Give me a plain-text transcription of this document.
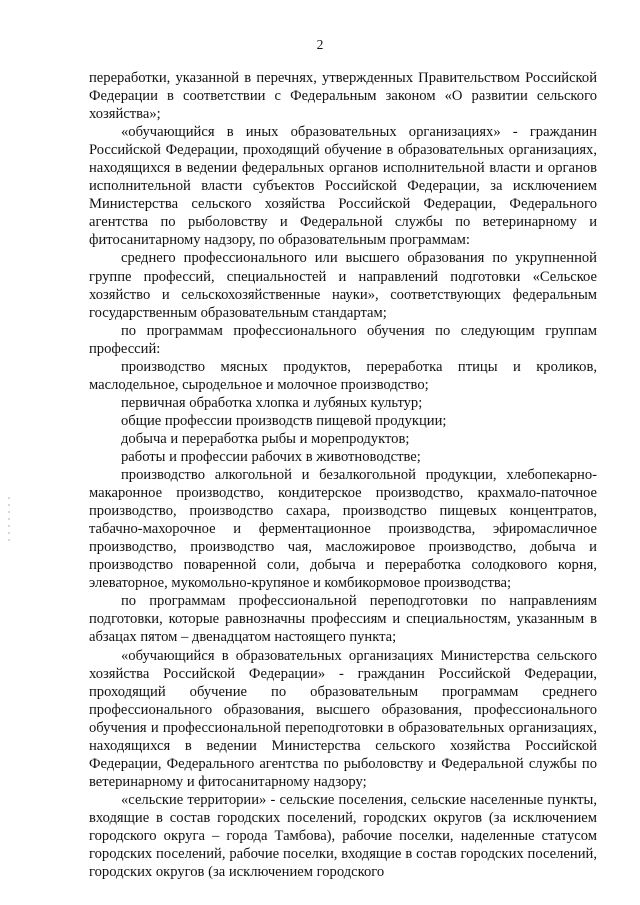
2

переработки, указанной в перечнях, утвержденных Правительством Российской Федерации в соответствии с Федеральным законом «О развитии сельского хозяйства»;

«обучающийся в иных образовательных организациях» - гражданин Российской Федерации, проходящий обучение в образовательных организациях, находящихся в ведении федеральных органов исполнительной власти и органов исполнительной власти субъектов Российской Федерации, за исключением Министерства сельского хозяйства Российской Федерации, Федерального агентства по рыболовству и Федеральной службы по ветеринарному и фитосанитарному надзору, по образовательным программам:

среднего профессионального или высшего образования по укрупненной группе профессий, специальностей и направлений подготовки «Сельское хозяйство и сельскохозяйственные науки», соответствующих федеральным государственным образовательным стандартам;

по программам профессионального обучения по следующим группам профессий:

производство мясных продуктов, переработка птицы и кроликов, маслодельное, сыродельное и молочное производство;

первичная обработка хлопка и лубяных культур;

общие профессии производств пищевой продукции;

добыча и переработка рыбы и морепродуктов;

работы и профессии рабочих в животноводстве;

производство алкогольной и безалкогольной продукции, хлебопекарно-макаронное производство, кондитерское производство, крахмало-паточное производство, производство сахара, производство пищевых концентратов, табачно-махорочное и ферментационное производства, эфиромасличное производство, производство чая, масложировое производство, добыча и производство поваренной соли, добыча и переработка солодкового корня, элеваторное, мукомольно-крупяное и комбикормовое производства;

по программам профессиональной переподготовки по направлениям подготовки, которые равнозначны профессиям и специальностям, указанным в абзацах пятом – двенадцатом настоящего пункта;

«обучающийся в образовательных организациях Министерства сельского хозяйства Российской Федерации» - гражданин Российской Федерации, проходящий обучение по образовательным программам среднего профессионального образования, высшего образования, профессионального обучения и профессиональной переподготовки в образовательных организациях, находящихся в ведении Министерства сельского хозяйства Российской Федерации, Федерального агентства по рыболовству и Федеральной службы по ветеринарному и фитосанитарному надзору;

«сельские территории» - сельские поселения, сельские населенные пункты, входящие в состав городских поселений, городских округов (за исключением городского округа – города Тамбова), рабочие поселки, наделенные статусом городских поселений, рабочие поселки, входящие в состав городских поселений, городских округов (за исключением городского
